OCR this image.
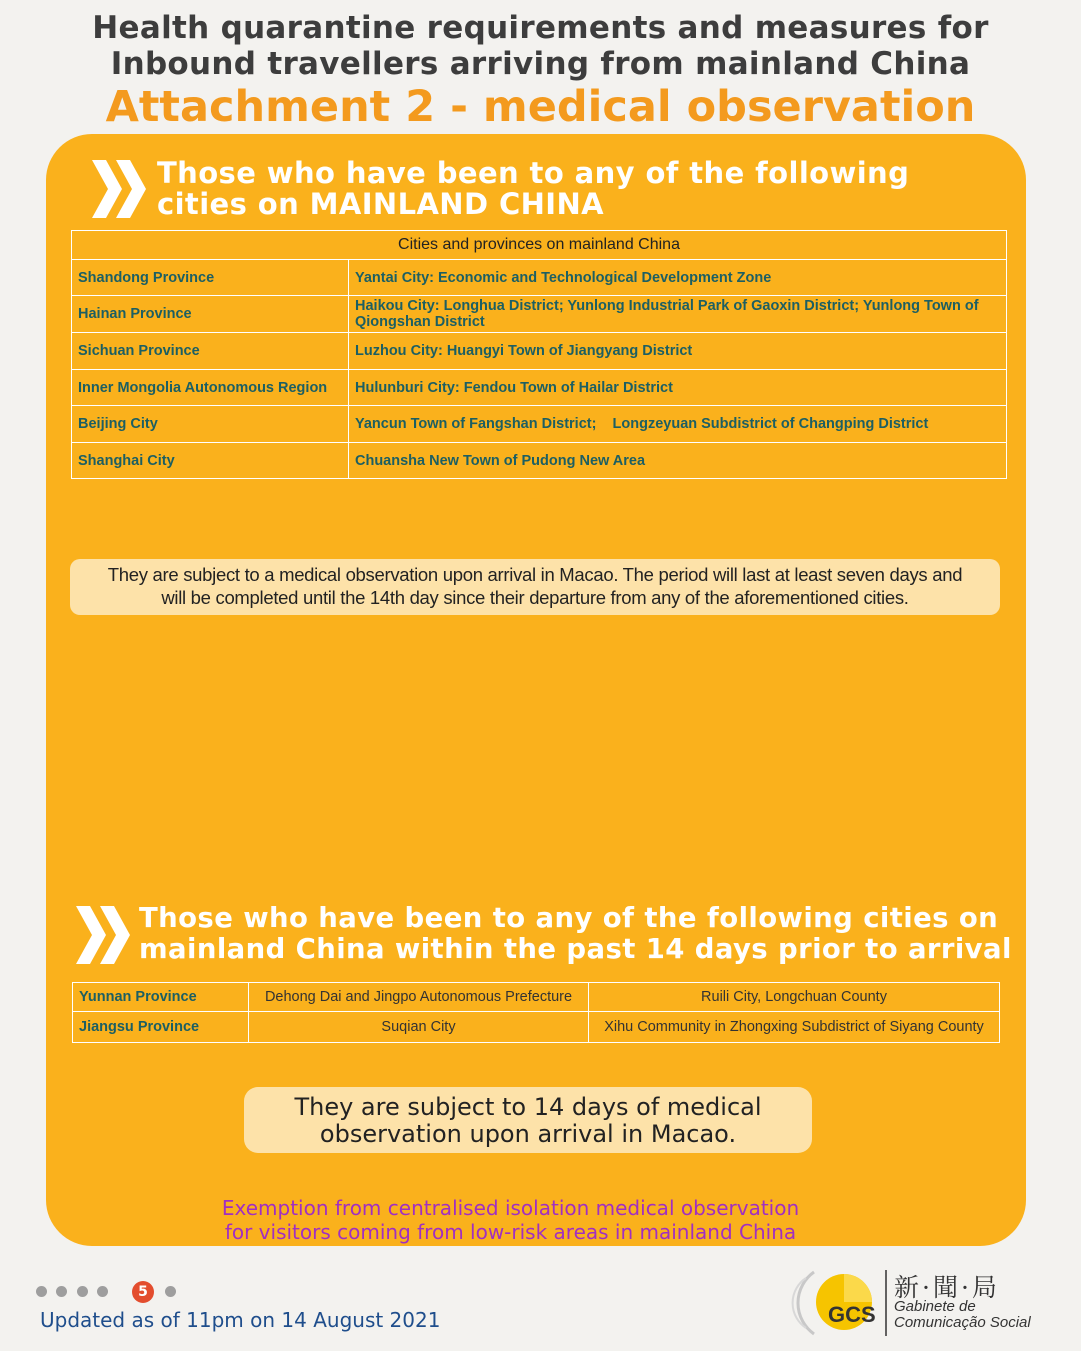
Health quarantine requirements and measures for
Inbound travellers arriving from mainland China
Attachment 2 - medical observation
Those who have been to any of the following
cities on MAINLAND CHINA
Cities and provinces on mainland China	
Shandong Province	Yantai City: Economic and Technological Development Zone
Hainan Province	Haikou City: Longhua District; Yunlong Industrial Park of Gaoxin District; Yunlong Town of Qiongshan District
Sichuan Province	Luzhou City: Huangyi Town of Jiangyang District
Inner Mongolia Autonomous Region	Hulunburi City: Fendou Town of Hailar District
Beijing City	Yancun Town of Fangshan District;    Longzeyuan Subdistrict of Changping District
Shanghai City	Chuansha New Town of Pudong New Area
They are subject to a medical observation upon arrival in Macao. The period will last at least seven days and
will be completed until the 14th day since their departure from any of the aforementioned cities.
Those who have been to any of the following cities on
mainland China within the past 14 days prior to arrival
Yunnan Province	Dehong Dai and Jingpo Autonomous Prefecture	Ruili City, Longchuan County
Jiangsu Province	Suqian City	Xihu Community in Zhongxing Subdistrict of Siyang County
They are subject to 14 days of medical
observation upon arrival in Macao.
Exemption from centralised isolation medical observation
for visitors coming from low-risk areas in mainland China
5
Updated as of 11pm on 14 August 2021	GCS
新·聞·局
Gabinete de
Comunicação Social
